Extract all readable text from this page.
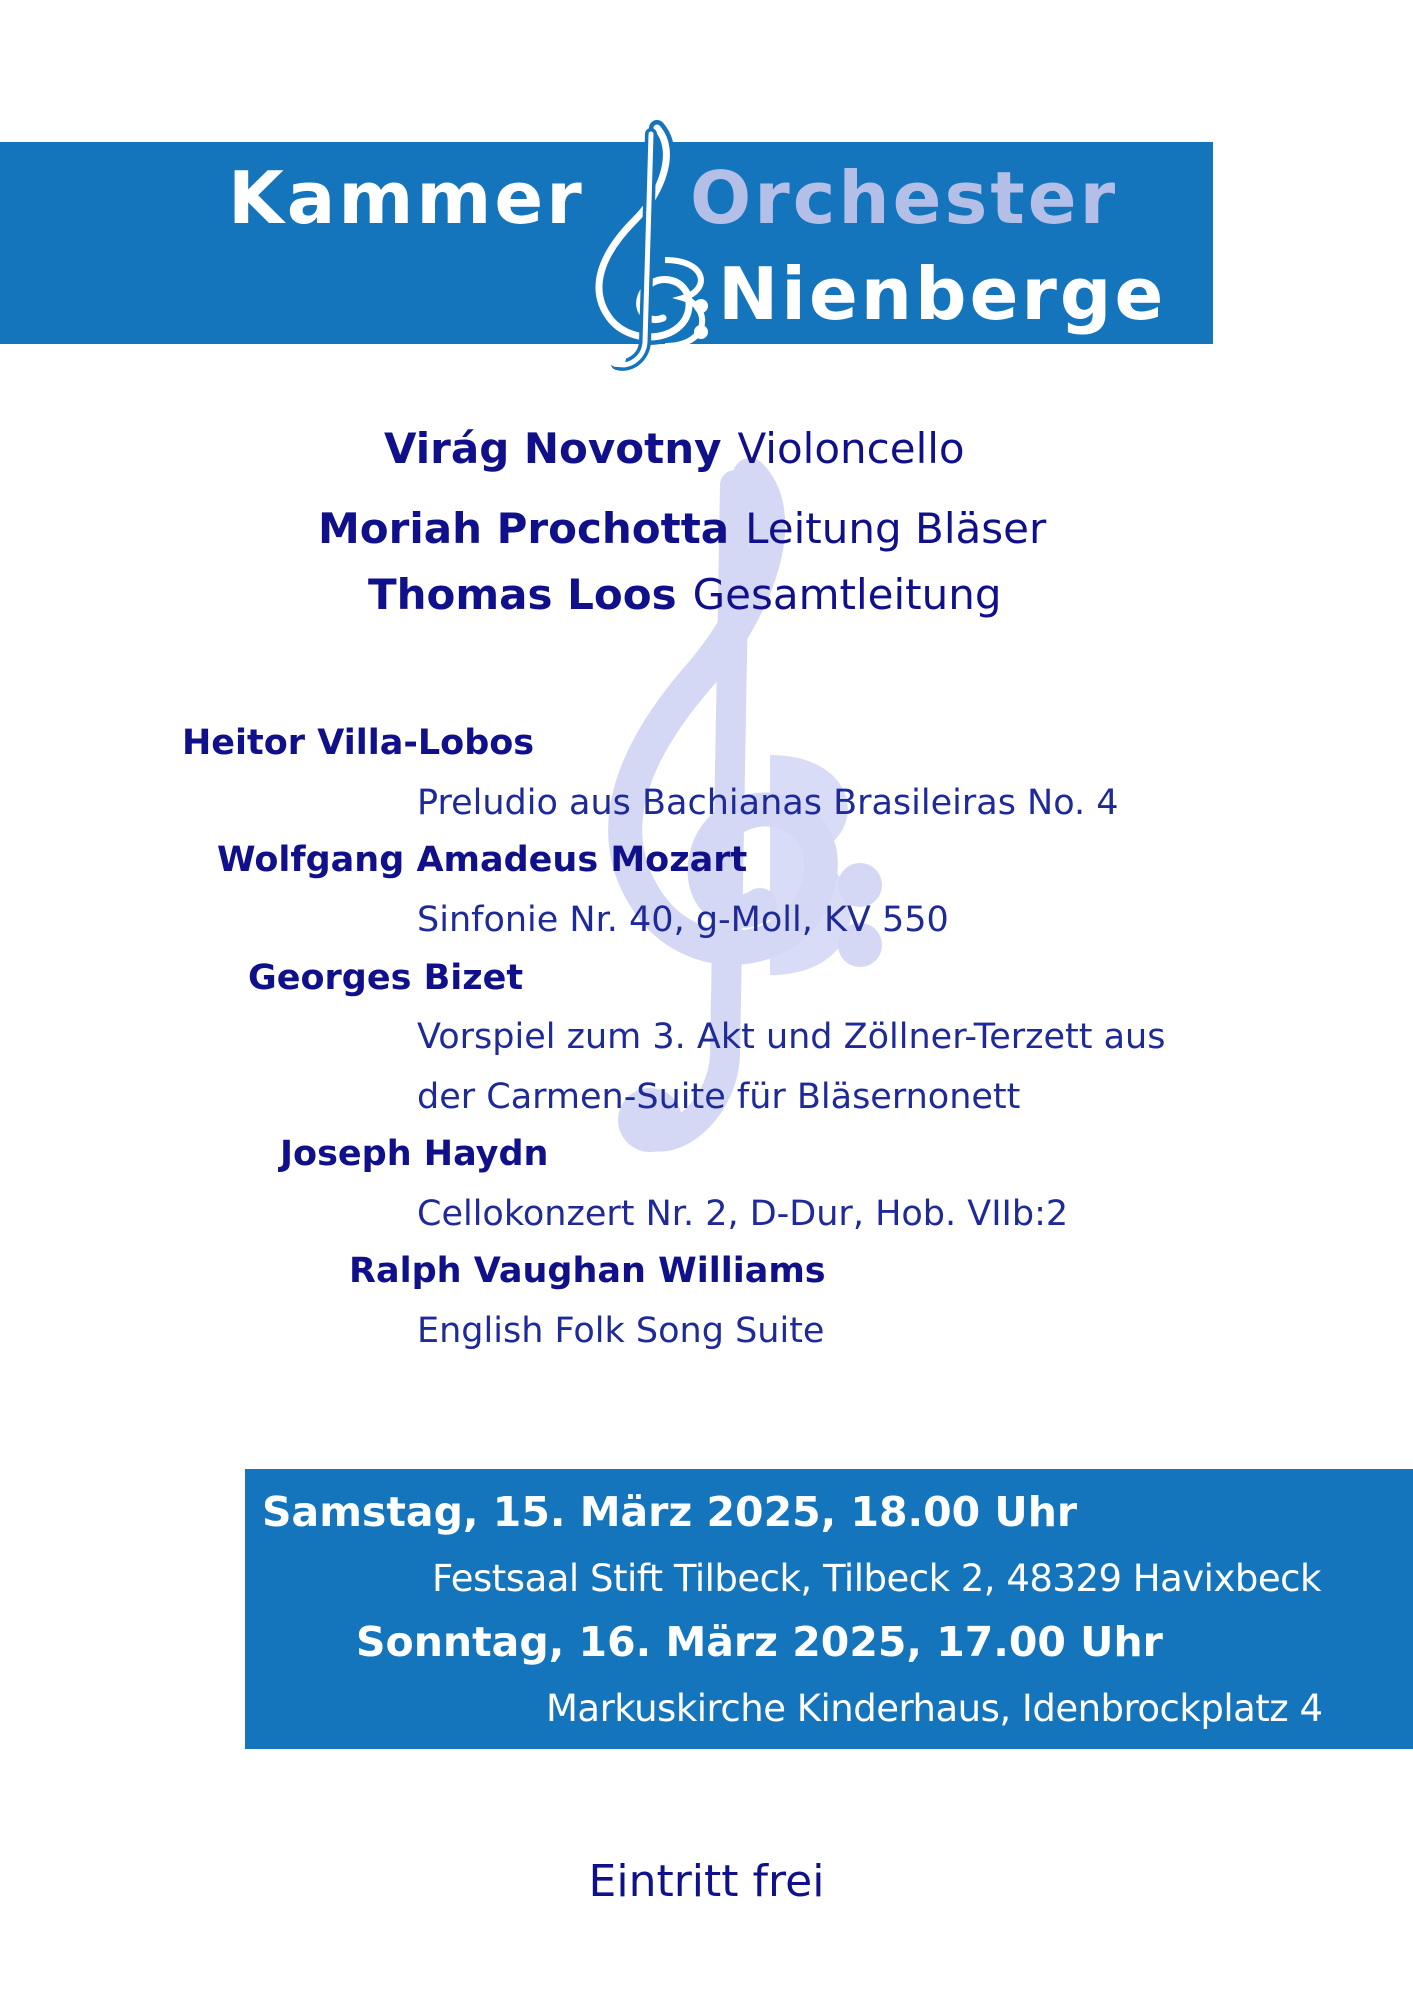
Kammer Orchester
Nienberge
Virág Novotny Violoncello
Moriah Prochotta Leitung Bläser
Thomas Loos Gesamtleitung
Heitor Villa-Lobos
Preludio aus Bachianas Brasileiras No. 4
Wolfgang Amadeus Mozart
Sinfonie Nr. 40, g-Moll, KV 550
Georges Bizet
Vorspiel zum 3. Akt und Zöllner-Terzett aus
der Carmen-Suite für Bläsernonett
Joseph Haydn
Cellokonzert Nr. 2, D-Dur, Hob. VIIb:2
Ralph Vaughan Williams
English Folk Song Suite
Samstag, 15. März 2025, 18.00 Uhr
Festsaal Stift Tilbeck, Tilbeck 2, 48329 Havixbeck
Sonntag, 16. März 2025, 17.00 Uhr
Markuskirche Kinderhaus, Idenbrockplatz 4
Eintritt frei
